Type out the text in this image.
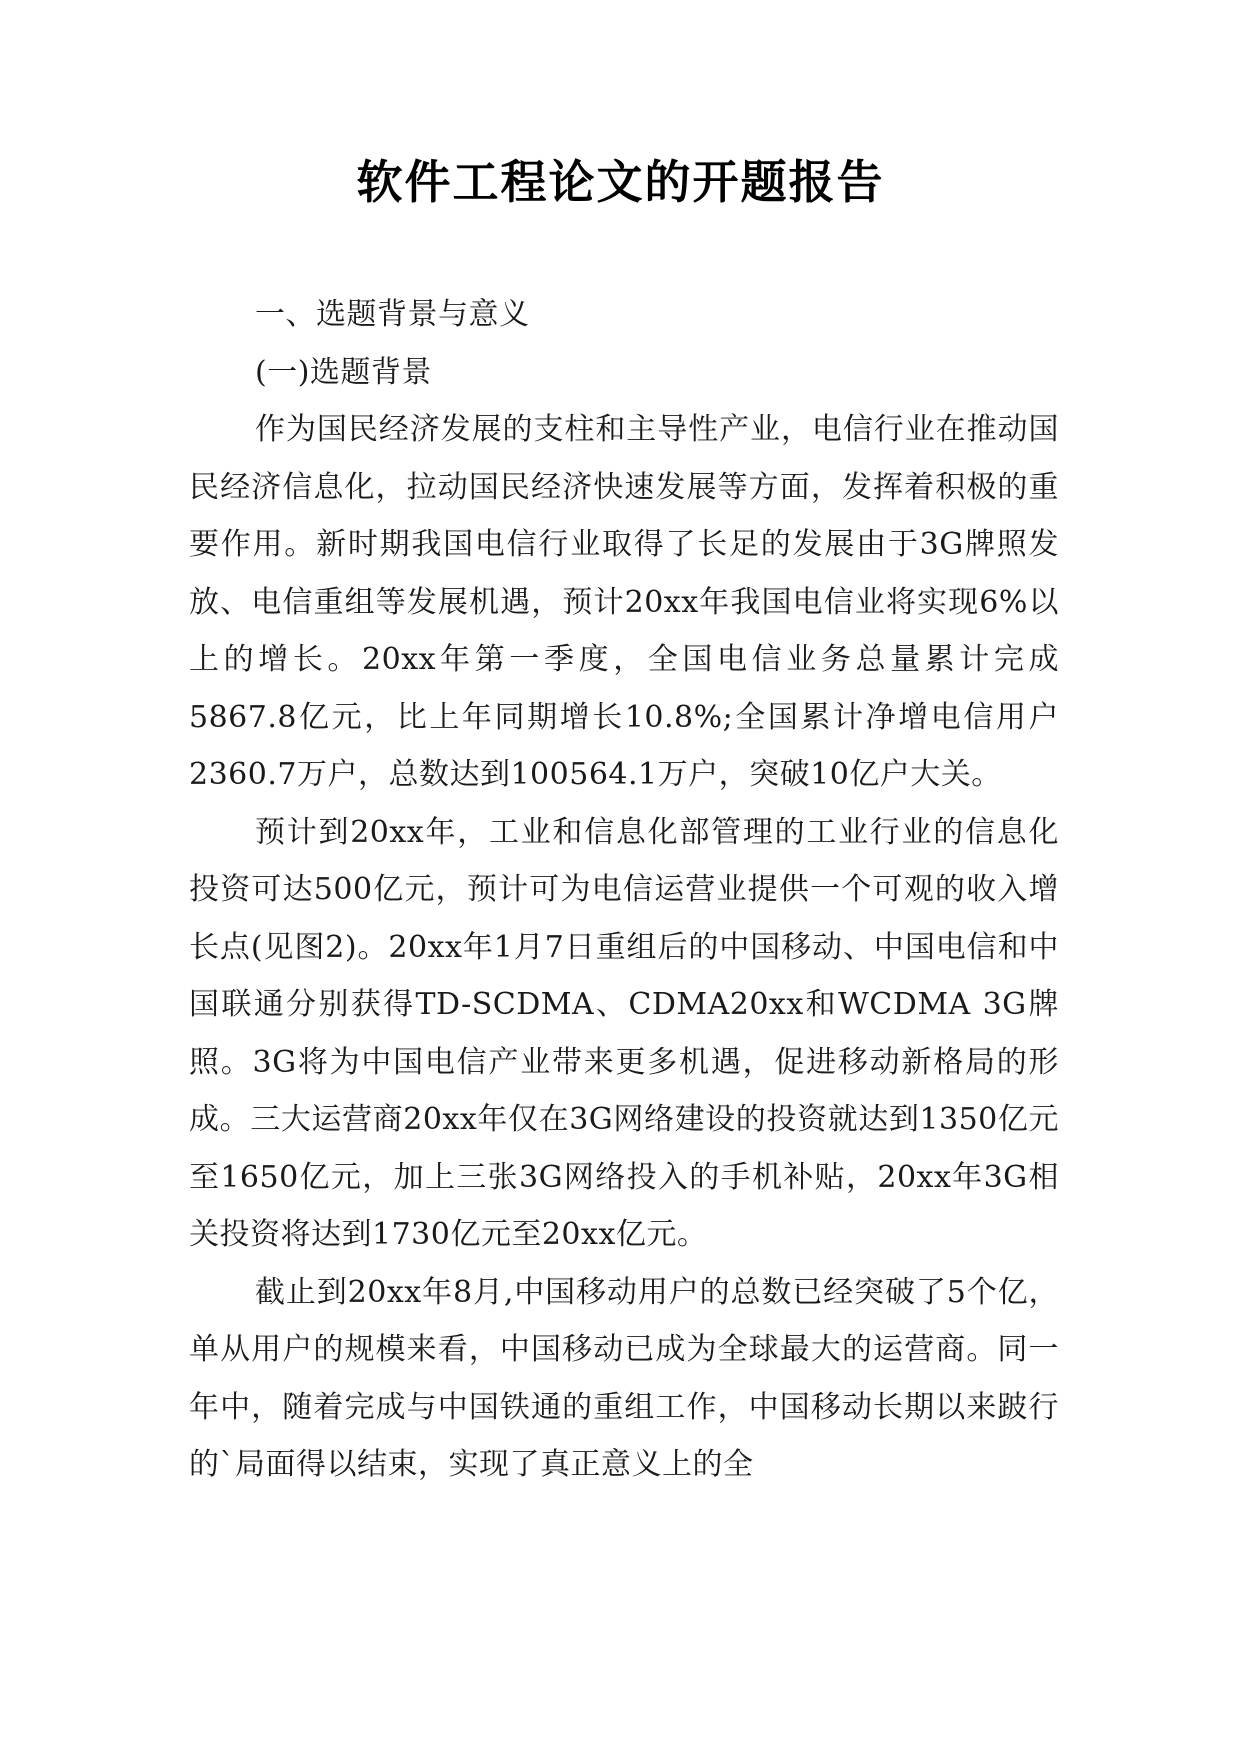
软件工程论文的开题报告

一、选题背景与意义

(一)选题背景

作为国民经济发展的支柱和主导性产业，电信行业在推动国民经济信息化，拉动国民经济快速发展等方面，发挥着积极的重要作用。新时期我国电信行业取得了长足的发展由于3G牌照发放、电信重组等发展机遇，预计20xx年我国电信业将实现6%以上的增长。20xx年第一季度，全国电信业务总量累计完成5867.8亿元，比上年同期增长10.8%;全国累计净增电信用户2360.7万户，总数达到100564.1万户，突破10亿户大关。

预计到20xx年，工业和信息化部管理的工业行业的信息化投资可达500亿元，预计可为电信运营业提供一个可观的收入增长点(见图2)。20xx年1月7日重组后的中国移动、中国电信和中国联通分别获得TD-SCDMA、CDMA20xx和WCDMA 3G牌照。3G将为中国电信产业带来更多机遇，促进移动新格局的形成。三大运营商20xx年仅在3G网络建设的投资就达到1350亿元至1650亿元，加上三张3G网络投入的手机补贴，20xx年3G相关投资将达到1730亿元至20xx亿元。

截止到20xx年8月,中国移动用户的总数已经突破了5个亿，单从用户的规模来看，中国移动已成为全球最大的运营商。同一年中，随着完成与中国铁通的重组工作，中国移动长期以来跛行的`局面得以结束，实现了真正意义上的全
